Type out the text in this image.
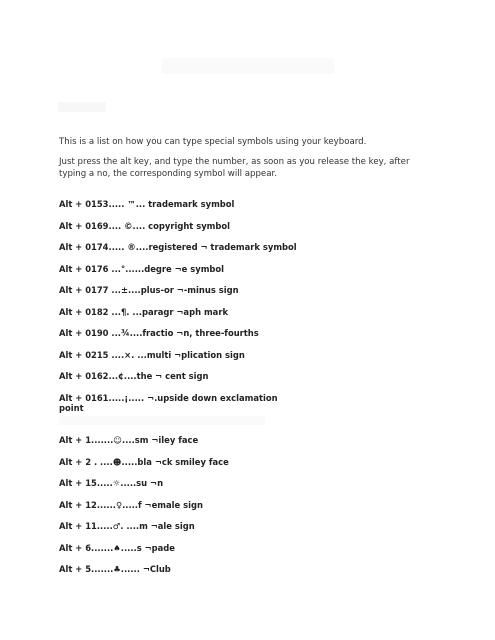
This is a list on how you can type special symbols using your keyboard.

Just press the alt key, and type the number, as soon as you release the key, after typing a no, the corresponding symbol will appear.

Alt + 0153..... ™... trademark symbol
Alt + 0169.... ©.... copyright symbol
Alt + 0174..... ®....registered ¬ trademark symbol
Alt + 0176 ...°......degre ¬e symbol
Alt + 0177 ...±....plus-or ¬-minus sign
Alt + 0182 ...¶. ...paragr ¬aph mark
Alt + 0190 ...¾....fractio ¬n, three-fourths
Alt + 0215 ....×. ...multi ¬plication sign
Alt + 0162...¢....the ¬ cent sign
Alt + 0161.....¡..... ¬.upside down exclamation point
Alt + 1.......☺....sm ¬iley face
Alt + 2 . ....☻.....bla ¬ck smiley face
Alt + 15.....☼.....su ¬n
Alt + 12......♀.....f ¬emale sign
Alt + 11.....♂. ....m ¬ale sign
Alt + 6.......♠.....s ¬pade
Alt + 5.......♣...... ¬Club
